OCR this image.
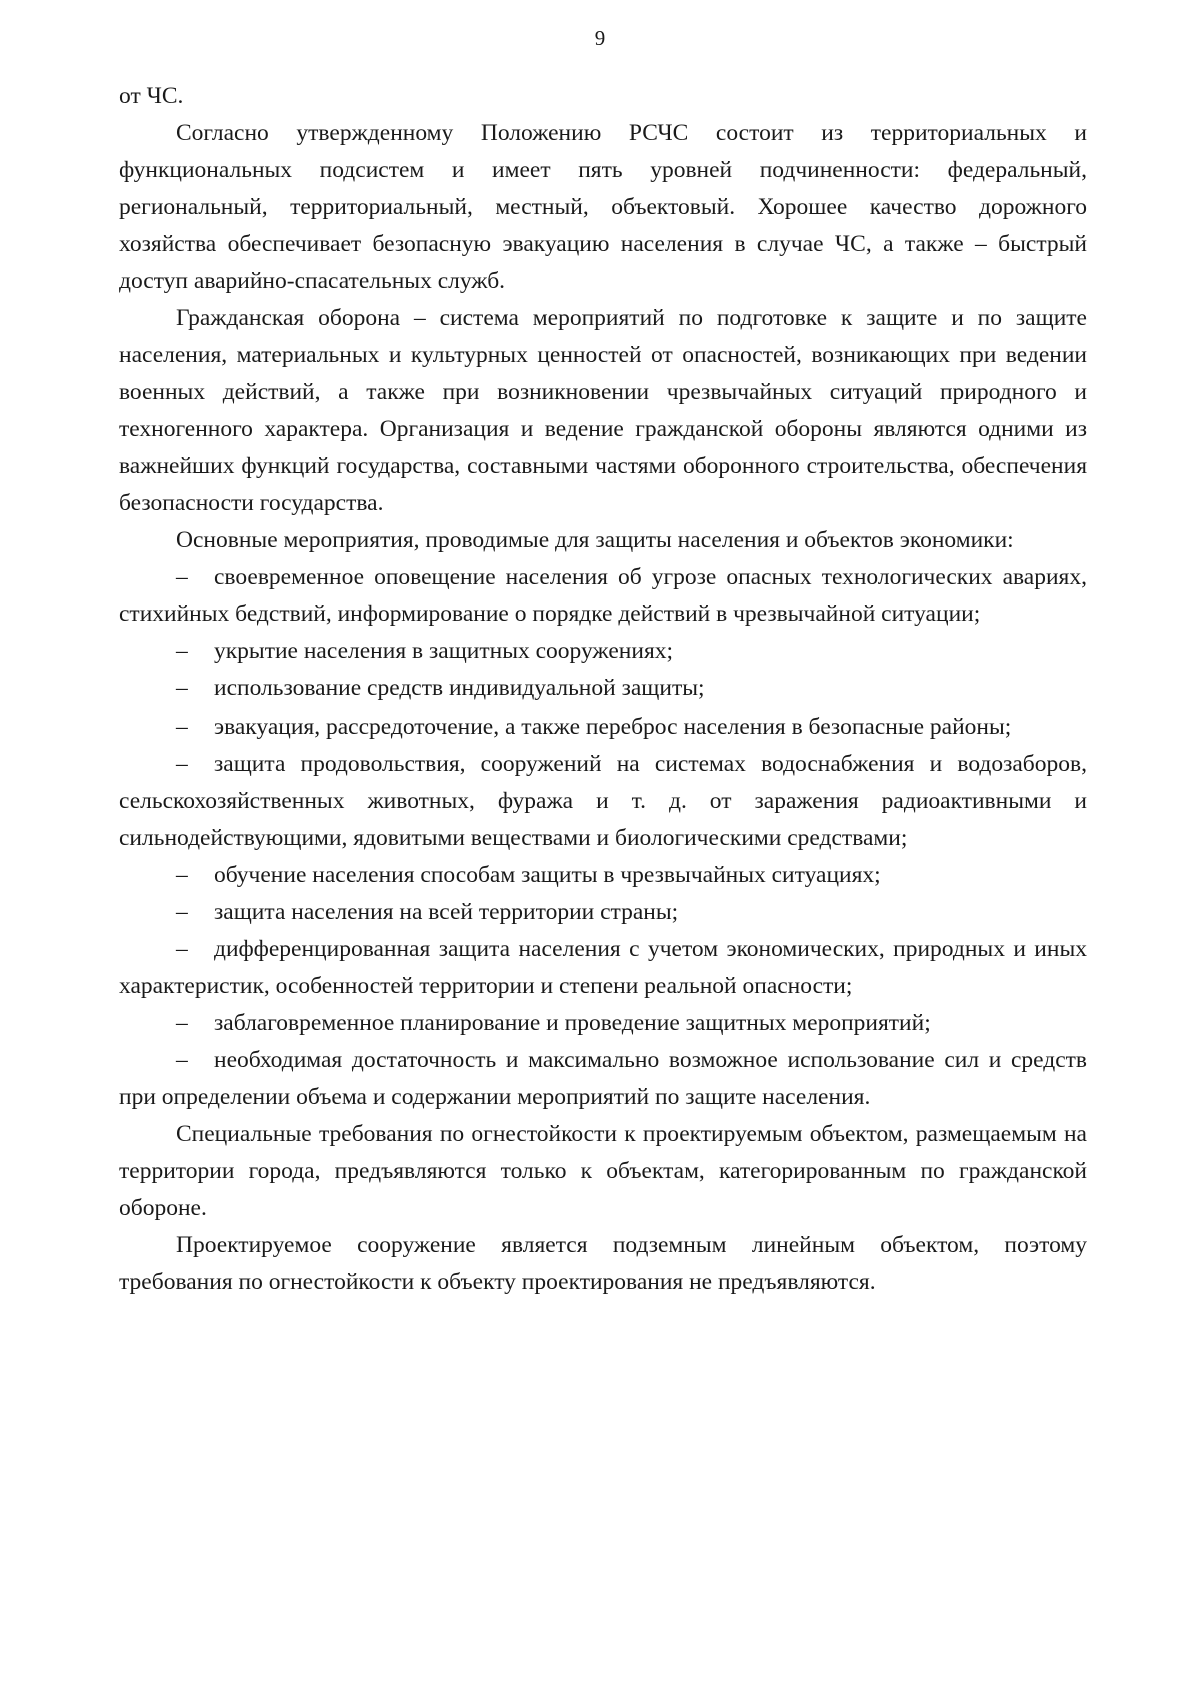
9

от ЧС.

Согласно утвержденному Положению РСЧС состоит из территориальных и функциональных подсистем и имеет пять уровней подчиненности: федеральный, региональный, территориальный, местный, объектовый. Хорошее качество дорожного хозяйства обеспечивает безопасную эвакуацию населения в случае ЧС, а также – быстрый доступ аварийно-спасательных служб.

Гражданская оборона – система мероприятий по подготовке к защите и по защите населения, материальных и культурных ценностей от опасностей, возникающих при ведении военных действий, а также при возникновении чрезвычайных ситуаций природного и техногенного характера. Организация и ведение гражданской обороны являются одними из важнейших функций государства, составными частями оборонного строительства, обеспечения безопасности государства.

Основные мероприятия, проводимые для защиты населения и объектов экономики:

– своевременное оповещение населения об угрозе опасных технологических авариях, стихийных бедствий, информирование о порядке действий в чрезвычайной ситуации;

– укрытие населения в защитных сооружениях;

– использование средств индивидуальной защиты;

– эвакуация, рассредоточение, а также переброс населения в безопасные районы;

– защита продовольствия, сооружений на системах водоснабжения и водозаборов, сельскохозяйственных животных, фуража и т. д. от заражения радиоактивными и сильнодействующими, ядовитыми веществами и биологическими средствами;

– обучение населения способам защиты в чрезвычайных ситуациях;

– защита населения на всей территории страны;

– дифференцированная защита населения с учетом экономических, природных и иных характеристик, особенностей территории и степени реальной опасности;

– заблаговременное планирование и проведение защитных мероприятий;

– необходимая достаточность и максимально возможное использование сил и средств при определении объема и содержании мероприятий по защите населения.

Специальные требования по огнестойкости к проектируемым объектом, размещаемым на территории города, предъявляются только к объектам, категорированным по гражданской обороне.

Проектируемое сооружение является подземным линейным объектом, поэтому требования по огнестойкости к объекту проектирования не предъявляются.
